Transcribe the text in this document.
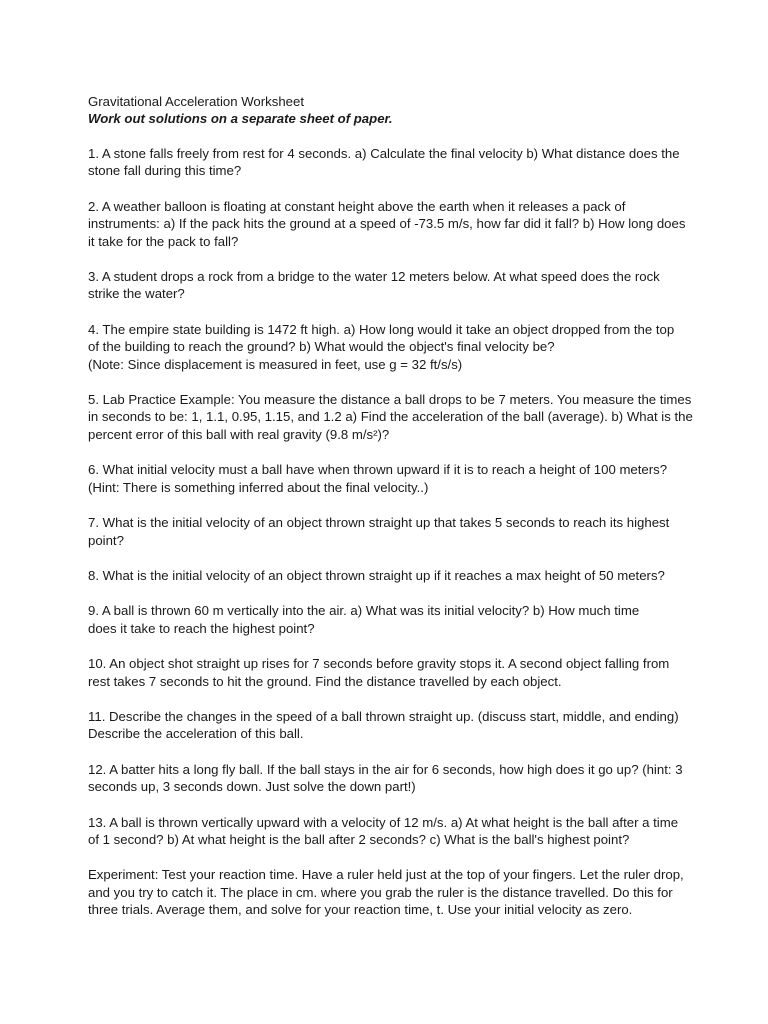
Gravitational Acceleration Worksheet

Work out solutions on a separate sheet of paper.

1. A stone falls freely from rest for 4 seconds. a) Calculate the final velocity b) What distance does the
stone fall during this time?

2. A weather balloon is floating at constant height above the earth when it releases a pack of
instruments: a) If the pack hits the ground at a speed of -73.5 m/s, how far did it fall? b) How long does
it take for the pack to fall?

3. A student drops a rock from a bridge to the water 12 meters below. At what speed does the rock
strike the water?

4. The empire state building is 1472 ft high. a) How long would it take an object dropped from the top
of the building to reach the ground? b) What would the object's final velocity be?
(Note: Since displacement is measured in feet, use g = 32 ft/s/s)

5. Lab Practice Example: You measure the distance a ball drops to be 7 meters. You measure the times
in seconds to be: 1, 1.1, 0.95, 1.15, and 1.2 a) Find the acceleration of the ball (average). b) What is the
percent error of this ball with real gravity (9.8 m/s²)?

6. What initial velocity must a ball have when thrown upward if it is to reach a height of 100 meters?
(Hint: There is something inferred about the final velocity..)

7. What is the initial velocity of an object thrown straight up that takes 5 seconds to reach its highest
point?

8. What is the initial velocity of an object thrown straight up if it reaches a max height of 50 meters?

9. A ball is thrown 60 m vertically into the air. a) What was its initial velocity? b) How much time
does it take to reach the highest point?

10. An object shot straight up rises for 7 seconds before gravity stops it. A second object falling from
rest takes 7 seconds to hit the ground. Find the distance travelled by each object.

11. Describe the changes in the speed of a ball thrown straight up. (discuss start, middle, and ending)
Describe the acceleration of this ball.

12. A batter hits a long fly ball. If the ball stays in the air for 6 seconds, how high does it go up? (hint: 3
seconds up, 3 seconds down. Just solve the down part!)

13. A ball is thrown vertically upward with a velocity of 12 m/s. a) At what height is the ball after a time
of 1 second? b) At what height is the ball after 2 seconds? c) What is the ball's highest point?

Experiment: Test your reaction time. Have a ruler held just at the top of your fingers. Let the ruler drop,
and you try to catch it. The place in cm. where you grab the ruler is the distance travelled. Do this for
three trials. Average them, and solve for your reaction time, t. Use your initial velocity as zero.
